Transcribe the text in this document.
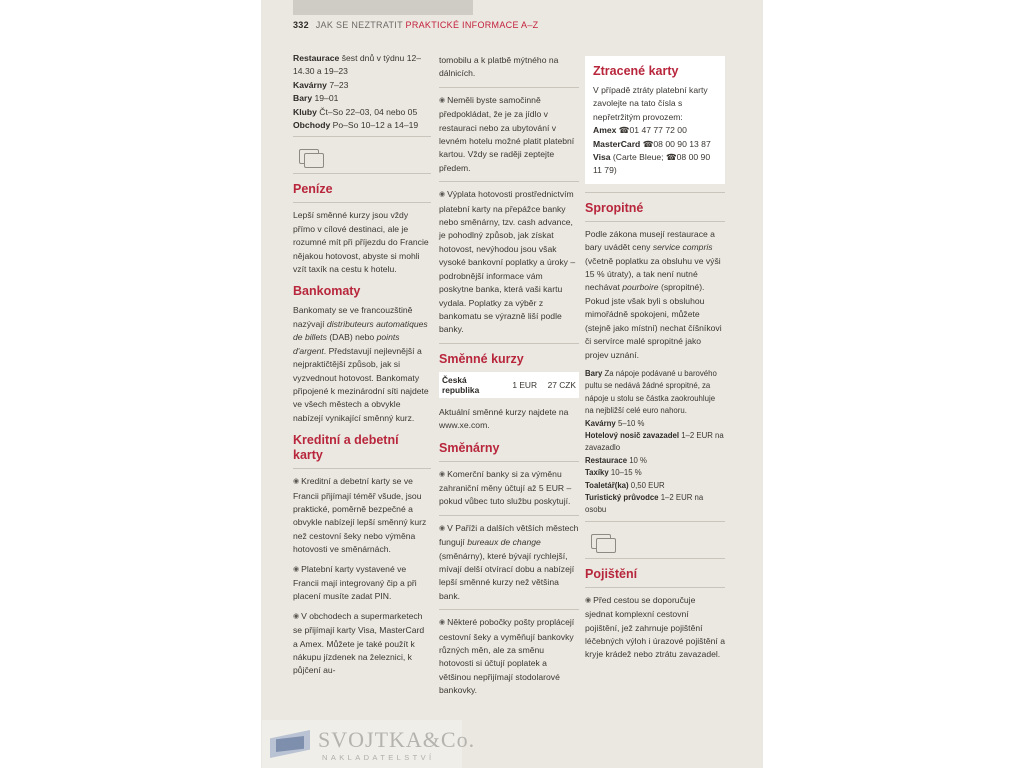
332 JAK SE NEZTRATIT PRAKTICKÉ INFORMACE A–Z
Restaurace šest dnů v týdnu 12–14.30 a 19–23
Kavárny 7–23
Bary 19–01
Kluby Čt–So 22–03, 04 nebo 05
Obchody Po–So 10–12 a 14–19
Peníze

Lepší směnné kurzy jsou vždy přímo v cílové destinaci, ale je rozumné mít při příjezdu do Francie nějakou hotovost, abyste si mohli vzít taxík na cestu k hotelu.

Bankomaty

Bankomaty se ve francouzštině nazývají distributeurs automatiques de billets (DAB) nebo points d'argent. Představují nejlevnější a nejpraktičtější způsob, jak si vyzvednout hotovost. Bankomaty připojené k mezinárodní síti najdete ve všech městech a obvykle nabízejí vynikající směnný kurz.

Kreditní a debetní karty

◉ Kreditní a debetní karty se ve Francii přijímají téměř všude, jsou praktické, poměrně bezpečné a obvykle nabízejí lepší směnný kurz než cestovní šeky nebo výměna hotovosti ve směnárnách.

◉ Platební karty vystavené ve Francii mají integrovaný čip a při placení musíte zadat PIN.

◉ V obchodech a supermarketech se přijímají karty Visa, MasterCard a Amex. Můžete je také použít k nákupu jízdenek na železnici, k půjčení au-

tomobilu a k platbě mýtného na dálnicích.

◉ Neměli byste samočinně předpokládat, že je za jídlo v restauraci nebo za ubytování v levném hotelu možné platit platební kartou. Vždy se raději zeptejte předem.

◉ Výplata hotovosti prostřednictvím platební karty na přepážce banky nebo směnárny, tzv. cash advance, je pohodlný způsob, jak získat hotovost, nevýhodou jsou však vysoké bankovní poplatky a úroky – podrobnější informace vám poskytne banka, která vaši kartu vydala. Poplatky za výběr z bankomatu se výrazně liší podle banky.

Směnné kurzy
Česká republika	1 EUR	27 CZK

Aktuální směnné kurzy najdete na www.xe.com.

Směnárny

◉ Komerční banky si za výměnu zahraniční měny účtují až 5 EUR – pokud vůbec tuto službu poskytují.

◉ V Paříži a dalších větších městech fungují bureaux de change (směnárny), které bývají rychlejší, mívají delší otvírací dobu a nabízejí lepší směnné kurzy než většina bank.

◉ Některé pobočky pošty proplácejí cestovní šeky a vyměňují bankovky různých měn, ale za směnu hotovosti si účtují poplatek a většinou nepřijímají stodolarové bankovky.

Ztracené karty
V případě ztráty platební karty zavolejte na tato čísla s nepřetržitým provozem:
Amex ☎01 47 77 72 00
MasterCard ☎08 00 90 13 87
Visa (Carte Bleue; ☎08 00 90 11 79)
Spropitné

Podle zákona musejí restaurace a bary uvádět ceny service compris (včetně poplatku za obsluhu ve výši 15 % útraty), a tak není nutné nechávat pourboire (spropitné). Pokud jste však byli s obsluhou mimořádně spokojeni, můžete (stejně jako místní) nechat číšníkovi či servírce malé spropitné jako projev uznání.

Bary Za nápoje podávané u barového pultu se nedává žádné spropitné, za nápoje u stolu se částka zaokrouhluje na nejbližší celé euro nahoru.
Kavárny 5–10 %
Hotelový nosič zavazadel 1–2 EUR na zavazadlo
Restaurace 10 %
Taxíky 10–15 %
Toaletář(ka) 0,50 EUR
Turistický průvodce 1–2 EUR na osobu
Pojištění

◉ Před cestou se doporučuje sjednat komplexní cestovní pojištění, jež zahrnuje pojištění léčebných výloh i úrazové pojištění a kryje krádež nebo ztrátu zavazadel.

SVOJTKA&Co.
NAKLADATELSTVÍ
